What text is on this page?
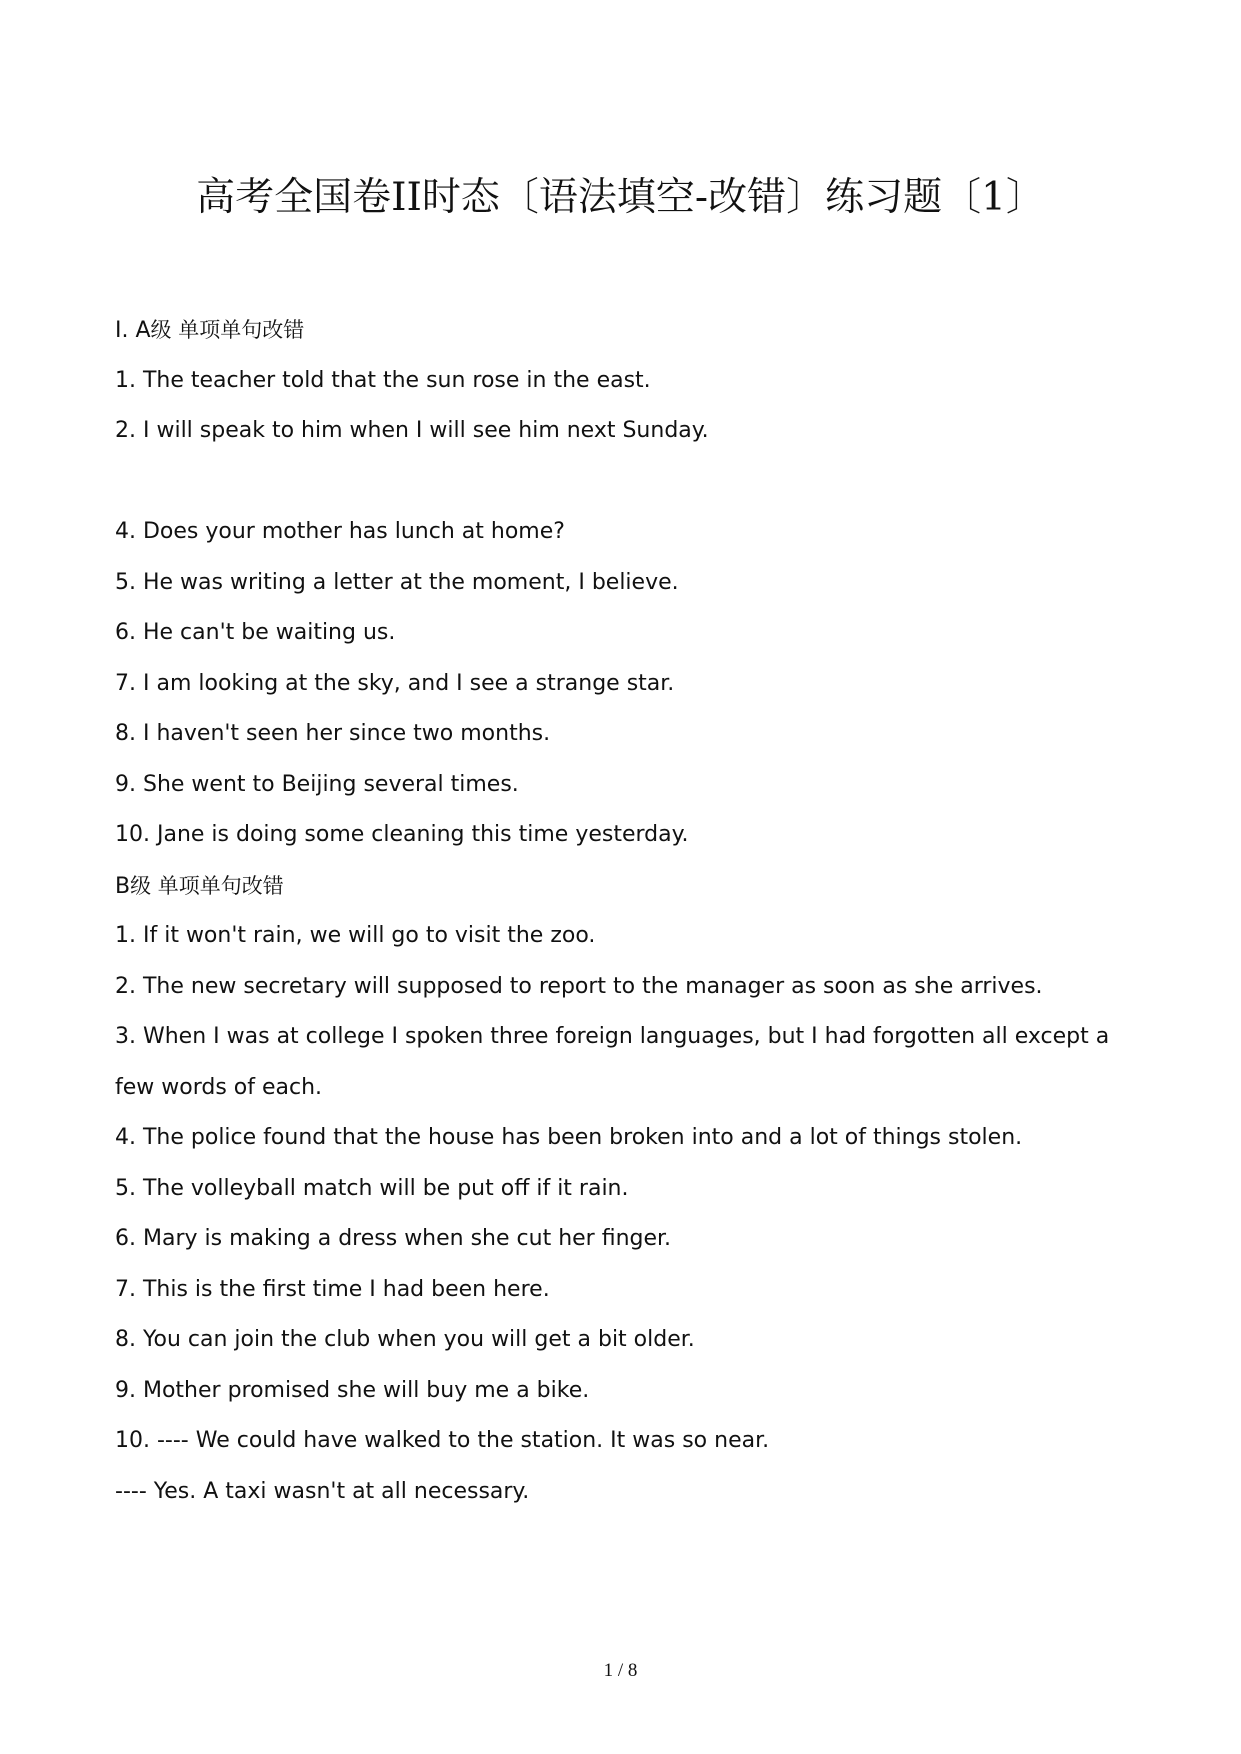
高考全国卷II时态〔语法填空-改错〕练习题〔1〕
I. A级 单项单句改错
1. The teacher told that the sun rose in the east.
2. I will speak to him when I will see him next Sunday.
4. Does your mother has lunch at home?
5. He was writing a letter at the moment, I believe.
6. He can't be waiting us.
7. I am looking at the sky, and I see a strange star.
8. I haven't seen her since two months.
9. She went to Beijing several times.
10. Jane is doing some cleaning this time yesterday.
B级 单项单句改错
1. If it won't rain, we will go to visit the zoo.
2. The new secretary will supposed to report to the manager as soon as she arrives.
3. When I was at college I spoken three foreign languages, but I had forgotten all except a few words of each.
4. The police found that the house has been broken into and a lot of things stolen.
5. The volleyball match will be put off if it rain.
6. Mary is making a dress when she cut her finger.
7. This is the first time I had been here.
8. You can join the club when you will get a bit older.
9. Mother promised she will buy me a bike.
10. ---- We could have walked to the station. It was so near.
---- Yes. A taxi wasn't at all necessary.
1 / 8
